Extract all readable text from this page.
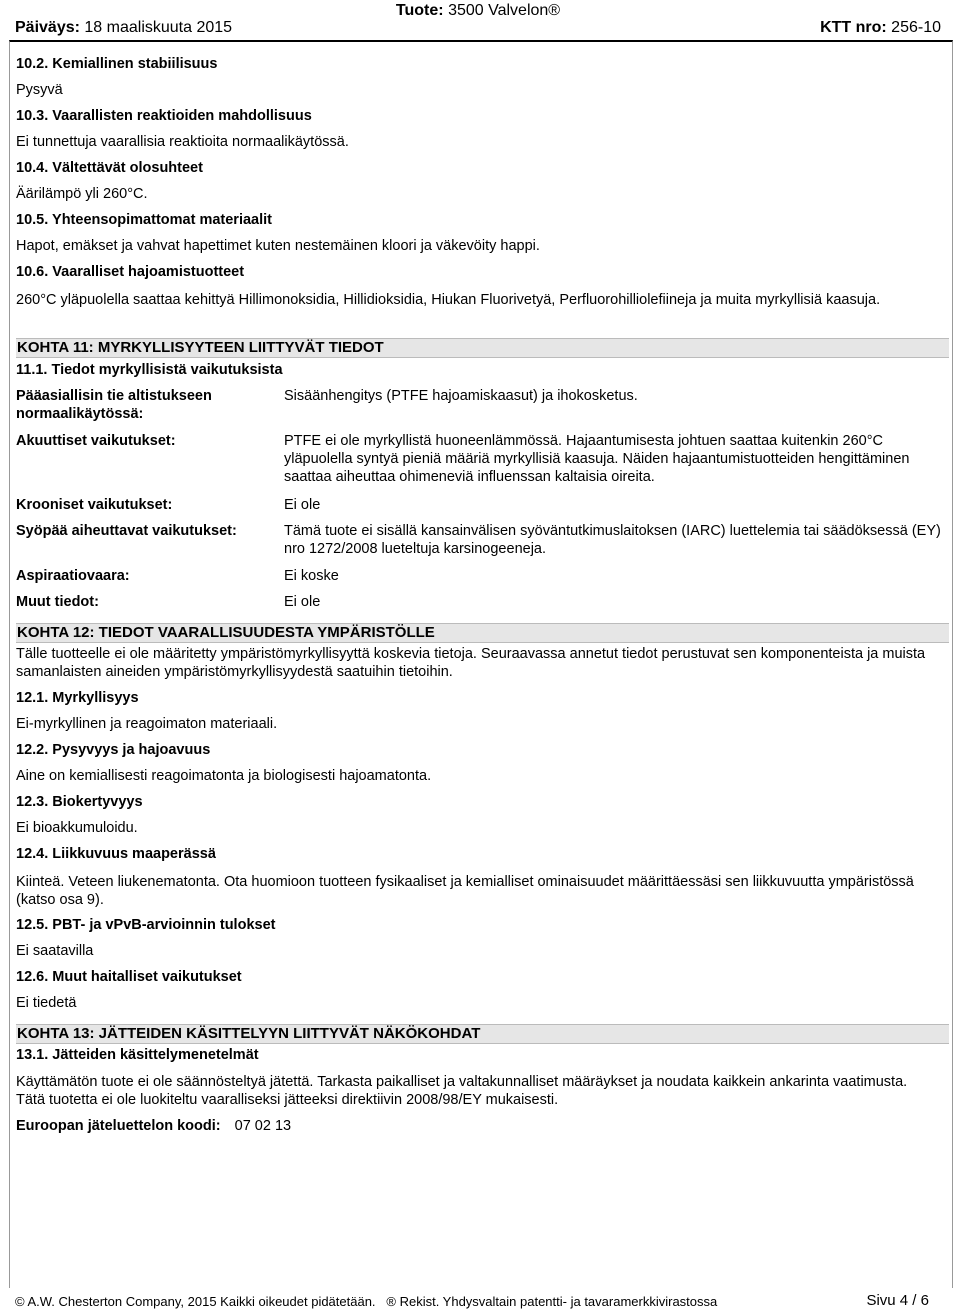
Tuote: 3500 Valvelon®
Päiväys: 18 maaliskuuta 2015	KTT nro: 256-10
10.2. Kemiallinen stabiilisuus
Pysyvä
10.3. Vaarallisten reaktioiden mahdollisuus
Ei tunnettuja vaarallisia reaktioita normaalikäytössä.
10.4. Vältettävät olosuhteet
Äärilämpö yli 260°C.
10.5. Yhteensopimattomat materiaalit
Hapot, emäkset ja vahvat hapettimet kuten nestemäinen kloori ja väkevöity happi.
10.6. Vaaralliset hajoamistuotteet
260°C yläpuolella saattaa kehittyä Hillimonoksidia, Hillidioksidia, Hiukan Fluorivetyä, Perfluorohilliolefiineja ja muita myrkyllisiä kaasuja.
KOHTA 11: MYRKYLLISYYTEEN LIITTYVÄT TIEDOT
11.1. Tiedot myrkyllisistä vaikutuksista
Pääasiallisin tie altistukseen normaalikäytössä:
Sisäänhengitys (PTFE hajoamiskaasut) ja ihokosketus.
Akuuttiset vaikutukset:	PTFE ei ole myrkyllistä huoneenlämmössä. Hajaantumisesta johtuen saattaa kuitenkin 260°C yläpuolella syntyä pieniä määriä myrkyllisiä kaasuja. Näiden hajaantumistuotteiden hengittäminen saattaa aiheuttaa ohimeneviä influenssan kaltaisia oireita.
Krooniset vaikutukset:	Ei ole
Syöpää aiheuttavat vaikutukset:	Tämä tuote ei sisällä kansainvälisen syöväntutkimuslaitoksen (IARC) luettelemia tai säädöksessä (EY) nro 1272/2008 lueteltuja karsinogeeneja.
Aspiraatiovaara:	Ei koske
Muut tiedot:	Ei ole
KOHTA 12: TIEDOT VAARALLISUUDESTA YMPÄRISTÖLLE
Tälle tuotteelle ei ole määritetty ympäristömyrkyllisyyttä koskevia tietoja. Seuraavassa annetut tiedot perustuvat sen komponenteista ja muista samanlaisten aineiden ympäristömyrkyllisyydestä saatuihin tietoihin.
12.1. Myrkyllisyys
Ei-myrkyllinen ja reagoimaton materiaali.
12.2. Pysyvyys ja hajoavuus
Aine on kemiallisesti reagoimatonta ja biologisesti hajoamatonta.
12.3. Biokertyvyys
Ei bioakkumuloidu.
12.4. Liikkuvuus maaperässä
Kiinteä. Veteen liukenematonta. Ota huomioon tuotteen fysikaaliset ja kemialliset ominaisuudet määrittäessäsi sen liikkuvuutta ympäristössä (katso osa 9).
12.5. PBT- ja vPvB-arvioinnin tulokset
Ei saatavilla
12.6. Muut haitalliset vaikutukset
Ei tiedetä
KOHTA 13: JÄTTEIDEN KÄSITTELYYN LIITTYVÄT NÄKÖKOHDAT
13.1. Jätteiden käsittelymenetelmät
Käyttämätön tuote ei ole säännösteltyä jätettä. Tarkasta paikalliset ja valtakunnalliset määräykset ja noudata kaikkein ankarinta vaatimusta. Tätä tuotetta ei ole luokiteltu vaaralliseksi jätteeksi direktiivin 2008/98/EY mukaisesti.
Euroopan jäteluettelon koodi: 07 02 13
© A.W. Chesterton Company, 2015 Kaikki oikeudet pidätetään.   ® Rekist. Yhdysvaltain patentti- ja tavaramerkkivirastossa	Sivu 4 / 6
